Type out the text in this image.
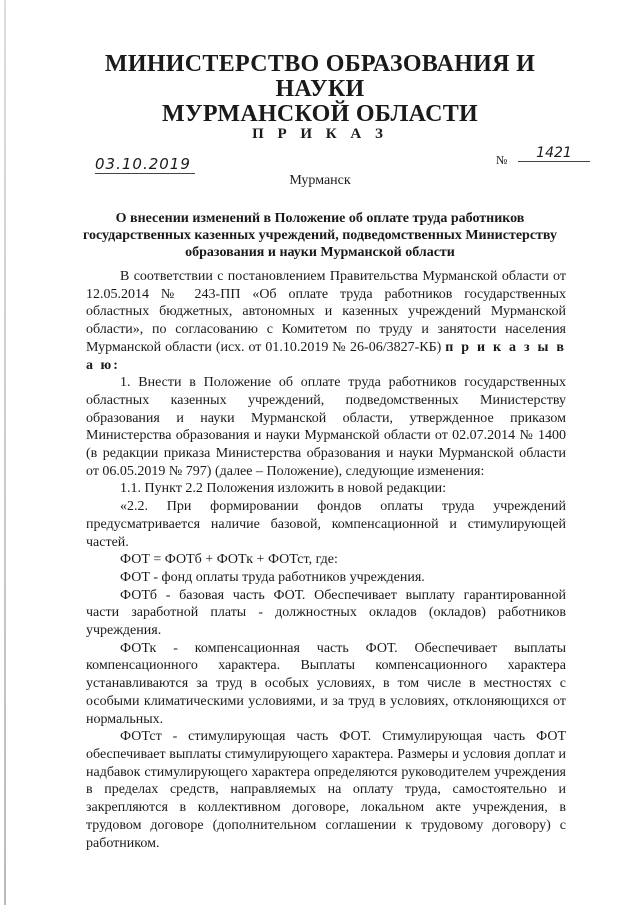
МИНИСТЕРСТВО ОБРАЗОВАНИЯ И НАУКИ
МУРМАНСКОЙ ОБЛАСТИ
П Р И К А З
03.10.2019	№	1421
Мурманск
О внесении изменений в Положение об оплате труда работников
государственных казенных учреждений, подведомственных Министерству
образования и науки Мурманской области

В соответствии с постановлением Правительства Мурманской области от

12.05.2014 № 243-ПП «Об оплате труда работников государственных

областных бюджетных, автономных и казенных учреждений Мурманской

области», по согласованию с Комитетом по труду и занятости населения

Мурманской области (исх. от 01.10.2019 № 26-06/3827-КБ) п р и к а з ы в а ю:

1. Внести в Положение об оплате труда работников государственных

областных казенных учреждений, подведомственных Министерству

образования и науки Мурманской области, утвержденное приказом

Министерства образования и науки Мурманской области от 02.07.2014 № 1400

(в редакции приказа Министерства образования и науки Мурманской области

от 06.05.2019 № 797) (далее – Положение), следующие изменения:

1.1. Пункт 2.2 Положения изложить в новой редакции:

«2.2. При формировании фондов оплаты труда учреждений

предусматривается наличие базовой, компенсационной и стимулирующей

частей.

ФОТ = ФОТб + ФОТк + ФОТст, где:

ФОТ - фонд оплаты труда работников учреждения.

ФОТб - базовая часть ФОТ. Обеспечивает выплату гарантированной

части заработной платы - должностных окладов (окладов) работников

учреждения.

ФОТк - компенсационная часть ФОТ. Обеспечивает выплаты

компенсационного характера. Выплаты компенсационного характера

устанавливаются за труд в особых условиях, в том числе в местностях с

особыми климатическими условиями, и за труд в условиях, отклоняющихся от

нормальных.

ФОТст - стимулирующая часть ФОТ. Стимулирующая часть ФОТ

обеспечивает выплаты стимулирующего характера. Размеры и условия доплат и

надбавок стимулирующего характера определяются руководителем учреждения

в пределах средств, направляемых на оплату труда, самостоятельно и

закрепляются в коллективном договоре, локальном акте учреждения, в

трудовом договоре (дополнительном соглашении к трудовому договору) с

работником.
